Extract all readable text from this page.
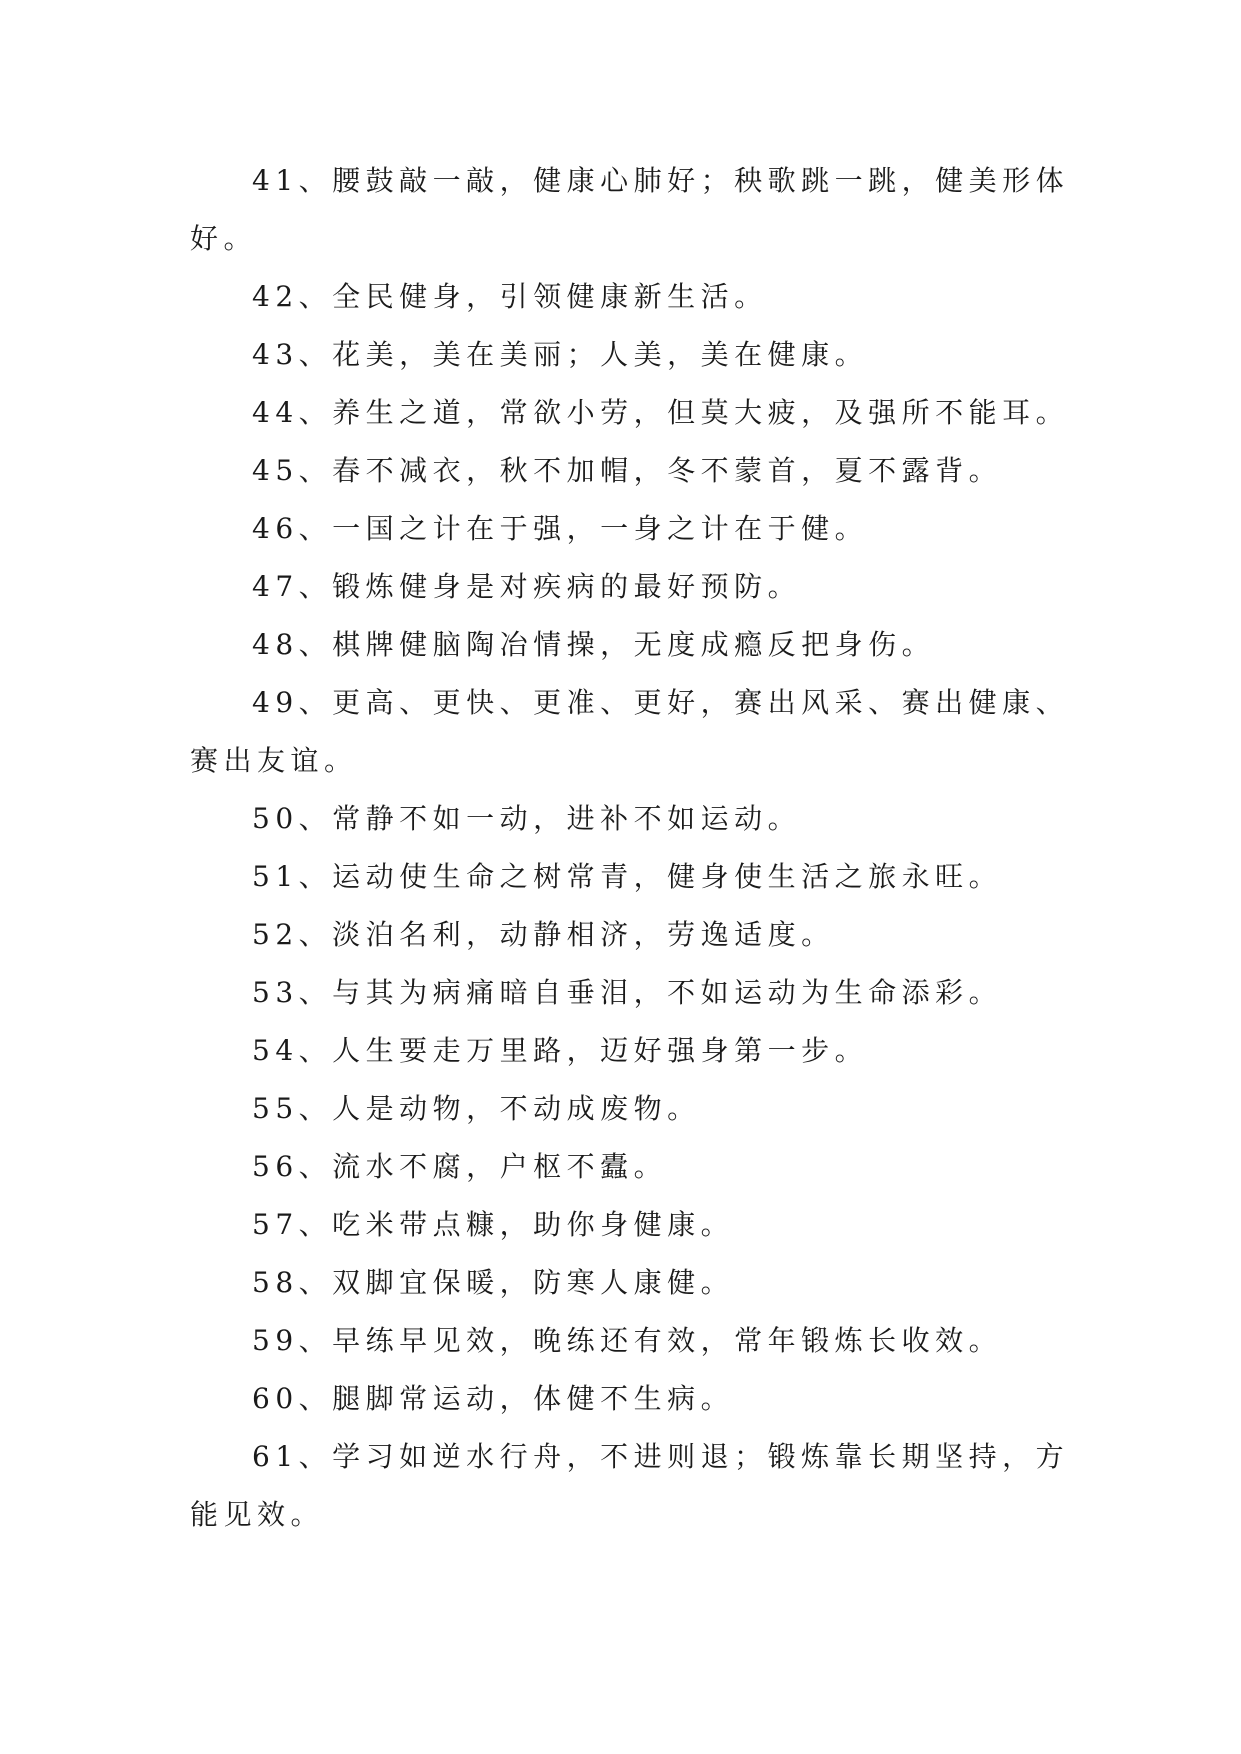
41、腰鼓敲一敲，健康心肺好；秧歌跳一跳，健美形体好。

42、全民健身，引领健康新生活。

43、花美，美在美丽；人美，美在健康。

44、养生之道，常欲小劳，但莫大疲，及强所不能耳。

45、春不减衣，秋不加帽，冬不蒙首，夏不露背。

46、一国之计在于强，一身之计在于健。

47、锻炼健身是对疾病的最好预防。

48、棋牌健脑陶冶情操，无度成瘾反把身伤。

49、更高、更快、更准、更好，赛出风采、赛出健康、赛出友谊。

50、常静不如一动，进补不如运动。

51、运动使生命之树常青，健身使生活之旅永旺。

52、淡泊名利，动静相济，劳逸适度。

53、与其为病痛暗自垂泪，不如运动为生命添彩。

54、人生要走万里路，迈好强身第一步。

55、人是动物，不动成废物。

56、流水不腐，户枢不蠹。

57、吃米带点糠，助你身健康。

58、双脚宜保暖，防寒人康健。

59、早练早见效，晚练还有效，常年锻炼长收效。

60、腿脚常运动，体健不生病。

61、学习如逆水行舟，不进则退；锻炼靠长期坚持，方能见效。
